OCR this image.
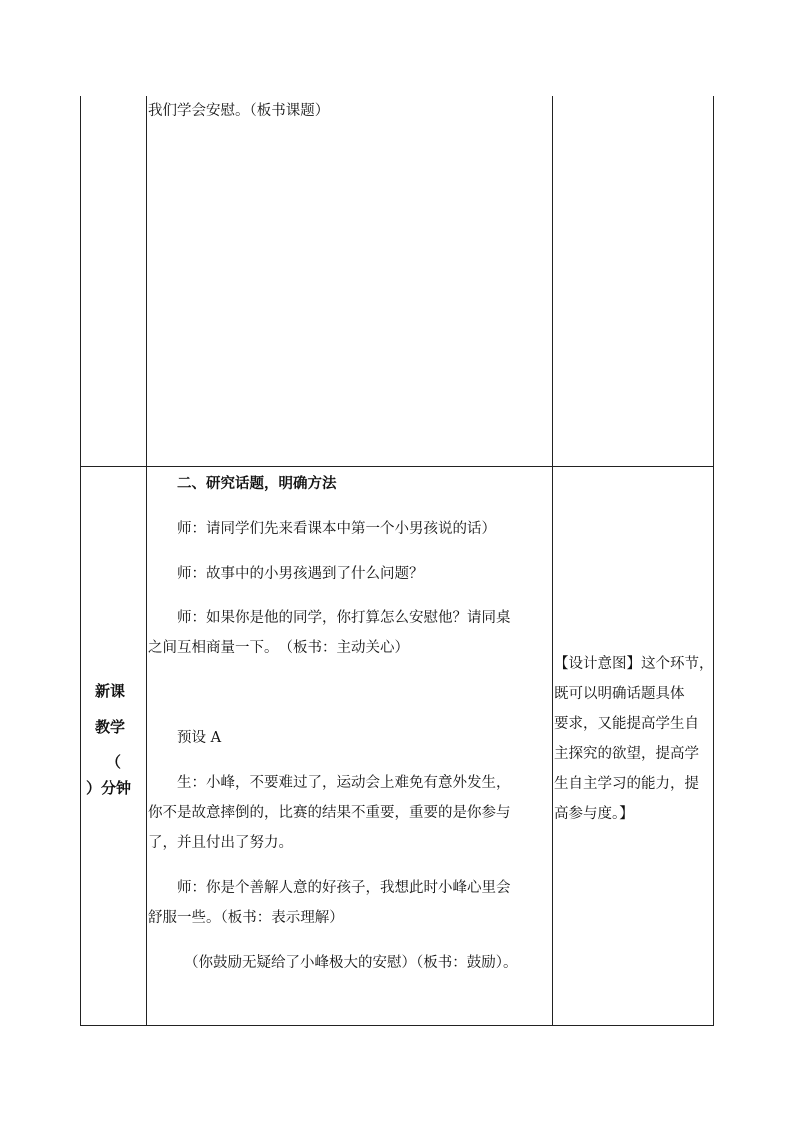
我们学会安慰。（板书课题）
新课
教学
（
）分钟
二、研究话题，明确方法
师：请同学们先来看课本中第一个小男孩说的话）
师：故事中的小男孩遇到了什么问题？
师：如果你是他的同学，你打算怎么安慰他？请同桌
之间互相商量一下。　（板书：主动关心）
预设 A
生：小峰，不要难过了，运动会上难免有意外发生，
你不是故意摔倒的，比赛的结果不重要，重要的是你参与
了，并且付出了努力。
师：你是个善解人意的好孩子，我想此时小峰心里会
舒服一些。（板书：表示理解）
（你鼓励无疑给了小峰极大的安慰）（板书：鼓励）。
【设计意图】这个环节，
既可以明确话题具体
要求，又能提高学生自
主探究的欲望，提高学
生自主学习的能力，提
高参与度。】
